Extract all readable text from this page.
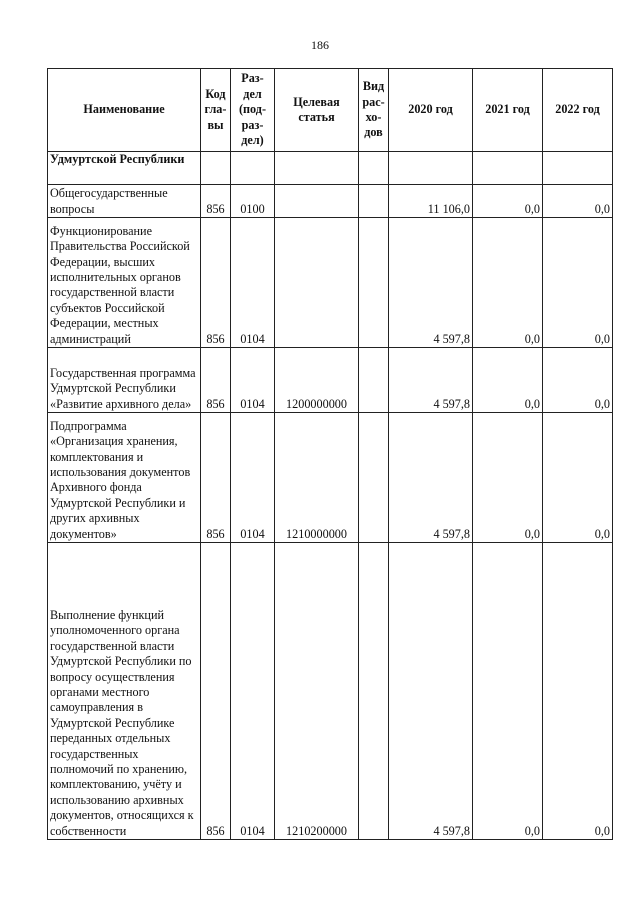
186
Наименование	Код гла- вы	Раз- дел (под- раз- дел)	Целевая статья	Вид рас- хо- дов	2020 год	2021 год	2022 год
Удмуртской Республики							
Общегосударственные вопросы	856	0100			11 106,0	0,0	0,0
Функционирование Правительства Российской Федерации, высших исполнительных органов государственной власти субъектов Российской Федерации, местных администраций	856	0104			4 597,8	0,0	0,0
Государственная программа Удмуртской Республики «Развитие архивного дела»	856	0104	1200000000		4 597,8	0,0	0,0
Подпрограмма «Организация хранения, комплектования и использования документов Архивного фонда Удмуртской Республики и других архивных документов»	856	0104	1210000000		4 597,8	0,0	0,0
Выполнение функций уполномоченного органа государственной власти Удмуртской Республики по вопросу осуществления органами местного самоуправления в Удмуртской Республике переданных отдельных государственных полномочий по хранению, комплектованию, учёту и использованию архивных документов, относящихся к собственности	856	0104	1210200000		4 597,8	0,0	0,0
